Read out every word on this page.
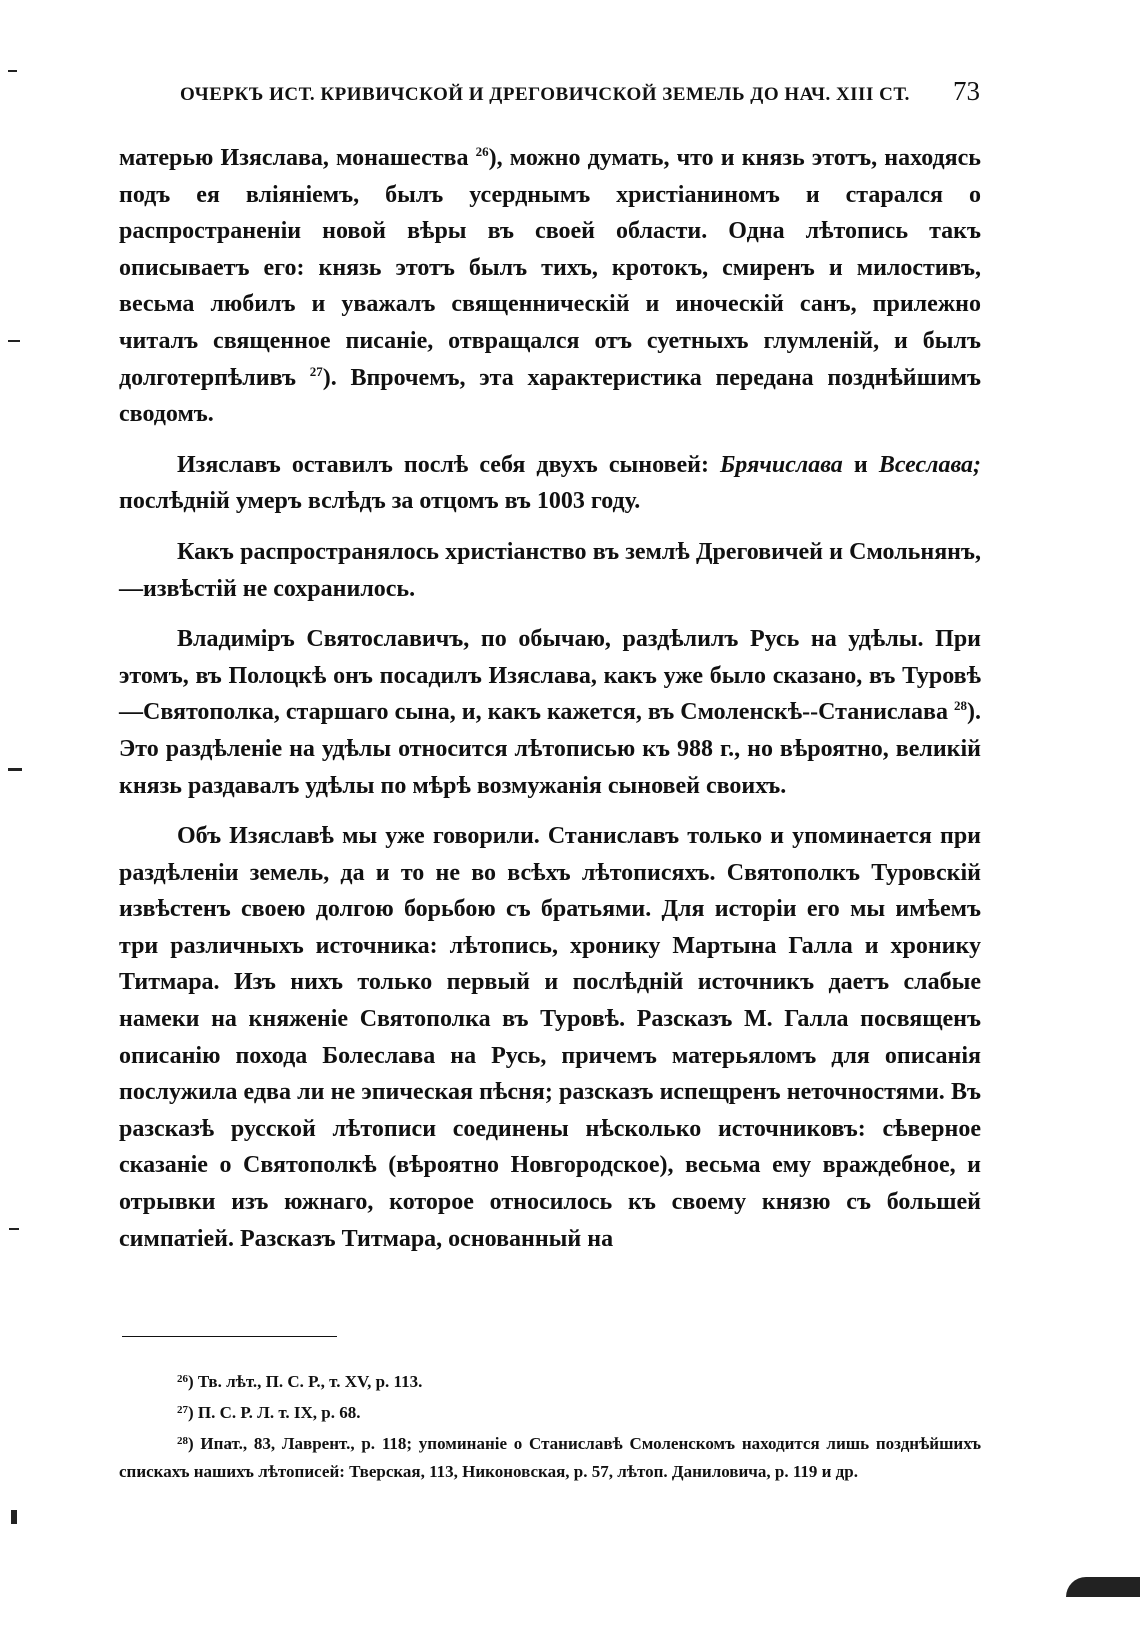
ОЧЕРКЪ ИСТ. КРИВИЧСКОЙ И ДРЕГОВИЧСКОЙ ЗЕМЕЛЬ ДО НАЧ. XIII СТ. 73

матерью Изяслава, монашества $^{26}$), можно думать, что и князь этотъ, находясь подъ ея вліяніемъ, былъ усерднымъ христіаниномъ и старался о распространеніи новой вѣры въ своей области. Одна лѣтопись такъ описываетъ его: князь этотъ былъ тихъ, кротокъ, смиренъ и милостивъ, весьма любилъ и уважалъ священническій и иноческій санъ, прилежно читалъ священное писаніе, отвращался отъ суетныхъ глумленій, и былъ долготерпѣливъ $^{27}$). Впрочемъ, эта характеристика передана позднѣйшимъ сводомъ.

Изяславъ оставилъ послѣ себя двухъ сыновей: Брячислава и Всеслава; послѣдній умеръ вслѣдъ за отцомъ въ 1003 году.

Какъ распространялось христіанство въ землѣ Дреговичей и Смольнянъ,—извѣстій не сохранилось.

Владиміръ Святославичъ, по обычаю, раздѣлилъ Русь на удѣлы. При этомъ, въ Полоцкѣ онъ посадилъ Изяслава, какъ уже было сказано, въ Туровѣ—Святополка, старшаго сына, и, какъ кажется, въ Смоленскѣ--Станислава $^{28}$). Это раздѣленіе на удѣлы относится лѣтописью къ 988 г., но вѣроятно, великій князь раздавалъ удѣлы по мѣрѣ возмужанія сыновей своихъ.

Объ Изяславѣ мы уже говорили. Станиславъ только и упоминается при раздѣленіи земель, да и то не во всѣхъ лѣтописяхъ. Святополкъ Туровскій извѣстенъ своею долгою борьбою съ братьями. Для исторіи его мы имѣемъ три различныхъ источника: лѣтопись, хронику Мартына Галла и хронику Титмара. Изъ нихъ только первый и послѣдній источникъ даетъ слабые намеки на княженіе Святополка въ Туровѣ. Разсказъ М. Галла посвященъ описанію похода Болеслава на Русь, причемъ матерьяломъ для описанія послужила едва ли не эпическая пѣсня; разсказъ испещренъ неточностями. Въ разсказѣ русской лѣтописи соединены нѣсколько источниковъ: сѣверное сказаніе о Святополкѣ (вѣроятно Новгородское), весьма ему враждебное, и отрывки изъ южнаго, которое относилось къ своему князю съ большей симпатіей. Разсказъ Титмара, основанный на

$^{26}$) Тв. лѣт., П. С. Р., т. XV, p. 113.

$^{27}$) П. С. Р. Л. т. IX, p. 68.

$^{28}$) Ипат., 83, Лаврент., p. 118; упоминаніе о Станиславѣ Смоленскомъ находится лишь позднѣйшихъ спискахъ нашихъ лѣтописей: Тверская, 113, Никоновская, p. 57, лѣтоп. Даниловича, p. 119 и др.
